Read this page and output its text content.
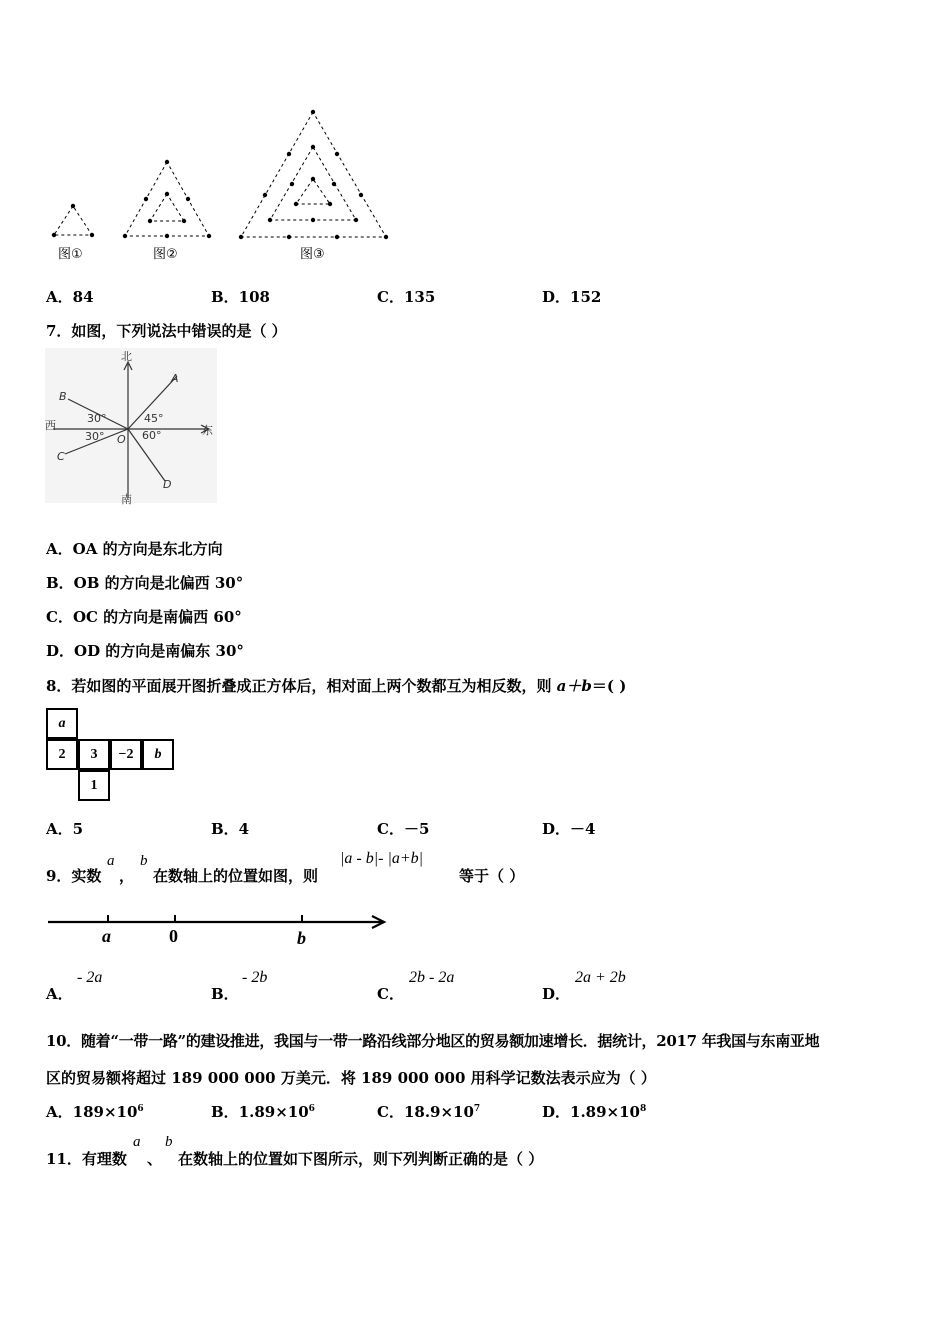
图①	图②	图③
A．84	B．108	C．135	D．152
7．如图，下列说法中错误的是（ ）
北
南
东
西
A
B
C
D
O
30°
30°
45°
60°
A．OA 的方向是东北方向
B．OB 的方向是北偏西 30°
C．OC 的方向是南偏西 60°
D．OD 的方向是南偏东 30°
8．若如图的平面展开图折叠成正方体后，相对面上两个数都互为相反数，则 a＋b＝( )
a
2	3	−2	b
1
A．5	B．4	C．－5	D．－4
9．实数
a
，
b
在数轴上的位置如图，则
|a - b|- |a+b|
等于（ ）
a	0	b
A．
- 2a
B．
- 2b
C．
2b - 2a
D．
2a + 2b
10．随着“一带一路”的建设推进，我国与一带一路沿线部分地区的贸易额加速增长．据统计，2017 年我国与东南亚地
区的贸易额将超过 189 000 000 万美元．将 189 000 000 用科学记数法表示应为（ ）
A．$189\times 10^6$	B．$1.89\times 10^6$	C．$18.9\times 10^7$	D．$1.89\times 10^8$
11．有理数
a
、
b
在数轴上的位置如下图所示，则下列判断正确的是（ ）
